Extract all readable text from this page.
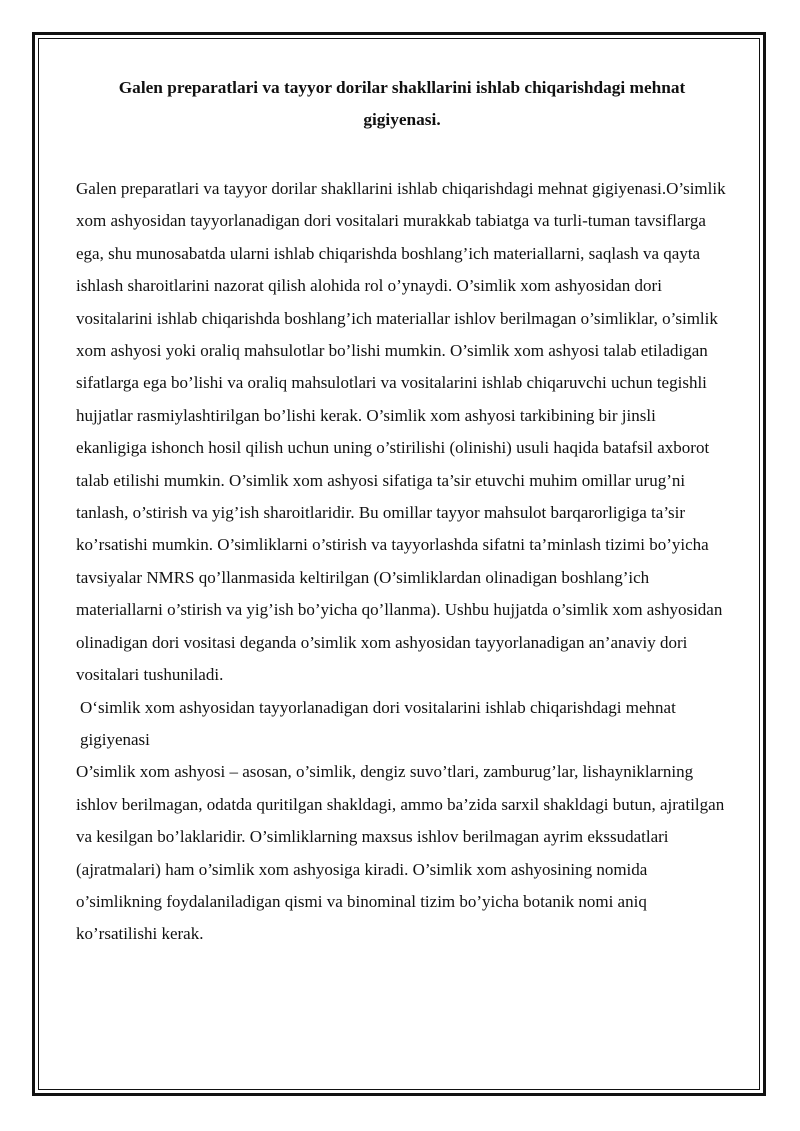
Galen preparatlari va tayyor dorilar shakllarini ishlab chiqarishdagi mehnat gigiyenasi.

Galen preparatlari va tayyor dorilar shakllarini ishlab chiqarishdagi mehnat gigiyenasi.O’simlik xom ashyosidan tayyorlanadigan dori vositalari murakkab tabiatga va turli-tuman tavsiflarga ega, shu munosabatda ularni ishlab chiqarishda boshlang’ich materiallarni, saqlash va qayta ishlash sharoitlarini nazorat qilish alohida rol o’ynaydi. O’simlik xom ashyosidan dori vositalarini ishlab chiqarishda boshlang’ich materiallar ishlov berilmagan o’simliklar, o’simlik xom ashyosi yoki oraliq mahsulotlar bo’lishi mumkin. O’simlik xom ashyosi talab etiladigan sifatlarga ega bo’lishi va oraliq mahsulotlari va vositalarini ishlab chiqaruvchi uchun tegishli hujjatlar rasmiylashtirilgan bo’lishi kerak. O’simlik xom ashyosi tarkibining bir jinsli ekanligiga ishonch hosil qilish uchun uning o’stirilishi (olinishi) usuli haqida batafsil axborot talab etilishi mumkin. O’simlik xom ashyosi sifatiga ta’sir etuvchi muhim omillar urug’ni tanlash, o’stirish va yig’ish sharoitlaridir. Bu omillar tayyor mahsulot barqarorligiga ta’sir ko’rsatishi mumkin. O’simliklarni o’stirish va tayyorlashda sifatni ta’minlash tizimi bo’yicha tavsiyalar NMRS qo’llanmasida keltirilgan (O’simliklardan olinadigan boshlang’ich materiallarni o’stirish va yig’ish bo’yicha qo’llanma). Ushbu hujjatda o’simlik xom ashyosidan olinadigan dori vositasi deganda o’simlik xom ashyosidan tayyorlanadigan an’anaviy dori vositalari tushuniladi.

O‘simlik xom ashyosidan tayyorlanadigan dori vositalarini ishlab chiqarishdagi mehnat gigiyenasi

O’simlik xom ashyosi – asosan, o’simlik, dengiz suvo’tlari, zamburug’lar, lishayniklarning ishlov berilmagan, odatda quritilgan shakldagi, ammo ba’zida sarxil shakldagi butun, ajratilgan va kesilgan bo’laklaridir. O’simliklarning maxsus ishlov berilmagan ayrim ekssudatlari (ajratmalari) ham o’simlik xom ashyosiga kiradi. O’simlik xom ashyosining nomida o’simlikning foydalaniladigan qismi va binominal tizim bo’yicha botanik nomi aniq ko’rsatilishi kerak.
